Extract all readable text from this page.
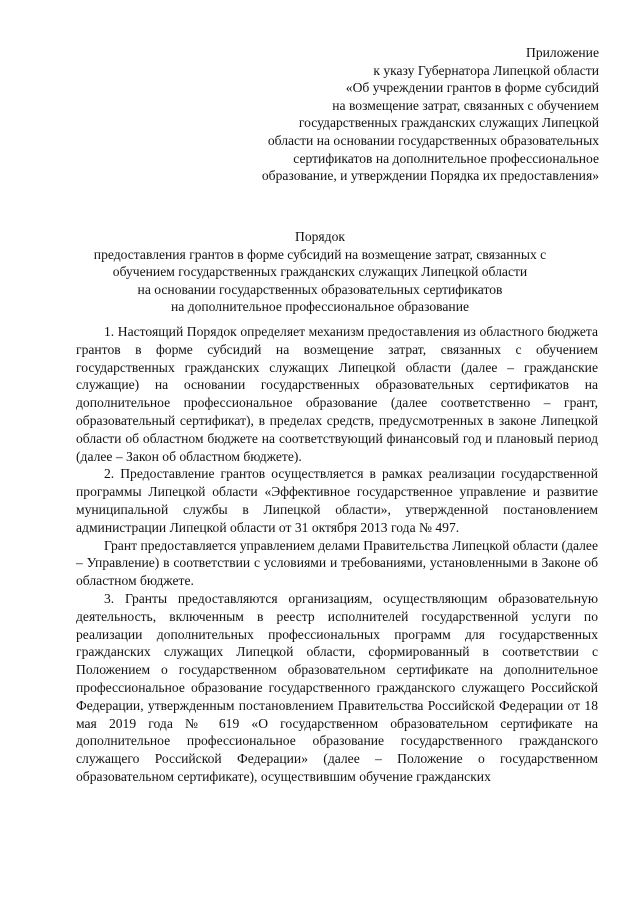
Приложение
к указу Губернатора Липецкой области
«Об учреждении грантов в форме субсидий
на возмещение затрат, связанных с обучением
государственных гражданских служащих Липецкой
области на основании государственных образовательных
сертификатов на дополнительное профессиональное
образование, и утверждении Порядка их предоставления»
Порядок
предоставления грантов в форме субсидий на возмещение затрат, связанных с
обучением государственных гражданских служащих Липецкой области
на основании государственных образовательных сертификатов
на дополнительное профессиональное образование

1. Настоящий Порядок определяет механизм предоставления из областного бюджета грантов в форме субсидий на возмещение затрат, связанных с обучением государственных гражданских служащих Липецкой области (далее – гражданские служащие) на основании государственных образовательных сертификатов на дополнительное профессиональное образование (далее соответственно – грант, образовательный сертификат), в пределах средств, предусмотренных в законе Липецкой области об областном бюджете на соответствующий финансовый год и плановый период (далее – Закон об областном бюджете).

2. Предоставление грантов осуществляется в рамках реализации государственной программы Липецкой области «Эффективное государственное управление и развитие муниципальной службы в Липецкой области», утвержденной постановлением администрации Липецкой области от 31 октября 2013 года № 497.

Грант предоставляется управлением делами Правительства Липецкой области (далее – Управление) в соответствии с условиями и требованиями, установленными в Законе об областном бюджете.

3. Гранты предоставляются организациям, осуществляющим образовательную деятельность, включенным в реестр исполнителей государственной услуги по реализации дополнительных профессиональных программ для государственных гражданских служащих Липецкой области, сформированный в соответствии с Положением о государственном образовательном сертификате на дополнительное профессиональное образование государственного гражданского служащего Российской Федерации, утвержденным постановлением Правительства Российской Федерации от 18 мая 2019 года № 619 «О государственном образовательном сертификате на дополнительное профессиональное образование государственного гражданского служащего Российской Федерации» (далее – Положение о государственном образовательном сертификате), осуществившим обучение гражданских
